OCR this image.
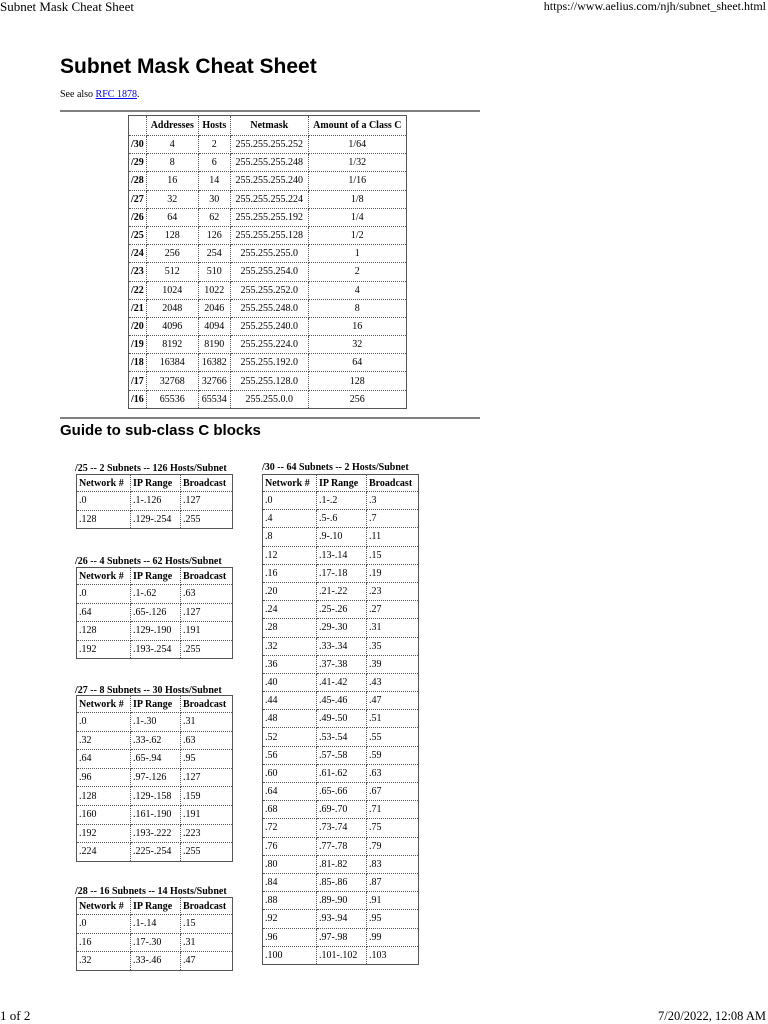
Subnet Mask Cheat Sheet	https://www.aelius.com/njh/subnet_sheet.html
Subnet Mask Cheat Sheet
See also RFC 1878.
	Addresses	Hosts	Netmask	Amount of a Class C
/30	4	2	255.255.255.252	1/64
/29	8	6	255.255.255.248	1/32
/28	16	14	255.255.255.240	1/16
/27	32	30	255.255.255.224	1/8
/26	64	62	255.255.255.192	1/4
/25	128	126	255.255.255.128	1/2
/24	256	254	255.255.255.0	1
/23	512	510	255.255.254.0	2
/22	1024	1022	255.255.252.0	4
/21	2048	2046	255.255.248.0	8
/20	4096	4094	255.255.240.0	16
/19	8192	8190	255.255.224.0	32
/18	16384	16382	255.255.192.0	64
/17	32768	32766	255.255.128.0	128
/16	65536	65534	255.255.0.0	256
Guide to sub-class C blocks
/25 -- 2 Subnets -- 126 Hosts/Subnet
Network #	IP Range	Broadcast
.0	.1-.126	.127
.128	.129-.254	.255
/26 -- 4 Subnets -- 62 Hosts/Subnet
Network #	IP Range	Broadcast
.0	.1-.62	.63
.64	.65-.126	.127
.128	.129-.190	.191
.192	.193-.254	.255
/27 -- 8 Subnets -- 30 Hosts/Subnet
Network #	IP Range	Broadcast
.0	.1-.30	.31
.32	.33-.62	.63
.64	.65-.94	.95
.96	.97-.126	.127
.128	.129-.158	.159
.160	.161-.190	.191
.192	.193-.222	.223
.224	.225-.254	.255
/28 -- 16 Subnets -- 14 Hosts/Subnet
Network #	IP Range	Broadcast
.0	.1-.14	.15
.16	.17-.30	.31
.32	.33-.46	.47
/30 -- 64 Subnets -- 2 Hosts/Subnet
Network #	IP Range	Broadcast
.0	.1-.2	.3
.4	.5-.6	.7
.8	.9-.10	.11
.12	.13-.14	.15
.16	.17-.18	.19
.20	.21-.22	.23
.24	.25-.26	.27
.28	.29-.30	.31
.32	.33-.34	.35
.36	.37-.38	.39
.40	.41-.42	.43
.44	.45-.46	.47
.48	.49-.50	.51
.52	.53-.54	.55
.56	.57-.58	.59
.60	.61-.62	.63
.64	.65-.66	.67
.68	.69-.70	.71
.72	.73-.74	.75
.76	.77-.78	.79
.80	.81-.82	.83
.84	.85-.86	.87
.88	.89-.90	.91
.92	.93-.94	.95
.96	.97-.98	.99
.100	.101-.102	.103
1 of 2	7/20/2022, 12:08 AM
